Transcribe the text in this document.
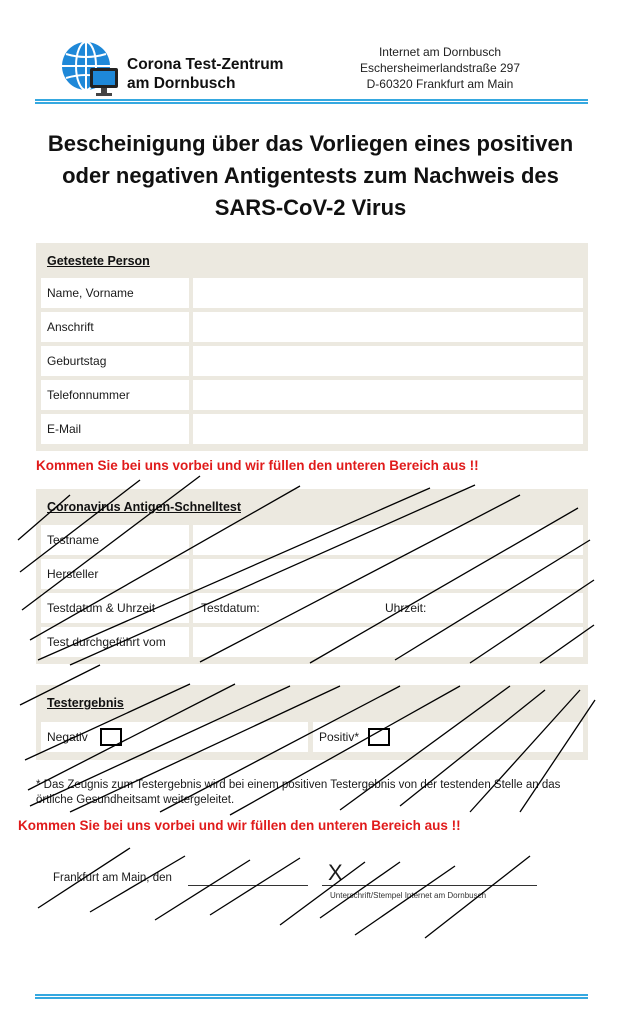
Corona Test-Zentrum
am Dornbusch
Internet am Dornbusch
Eschersheimerlandstraße 297
D-60320 Frankfurt am Main
Bescheinigung über das Vorliegen eines positiven
oder negativen Antigentests zum Nachweis des
SARS-CoV-2 Virus
Getestete Person
Name, Vorname
Anschrift
Geburtstag
Telefonnummer
E-Mail
Kommen Sie bei uns vorbei und wir füllen den unteren Bereich aus !!
Coronavirus Antigen-Schnelltest
Testname
Hersteller
Testdatum & Uhrzeit	Testdatum:	Uhrzeit:
Test durchgeführt vom
Testergebnis
Negativ	Positiv*
* Das Zeugnis zum Testergebnis wird bei einem positiven Testergebnis von der testenden Stelle an das örtliche Gesundheitsamt weitergeleitet.
Kommen Sie bei uns vorbei und wir füllen den unteren Bereich aus !!
Frankfurt am Main, den	X
Unterschrift/Stempel Internet am Dornbusch
